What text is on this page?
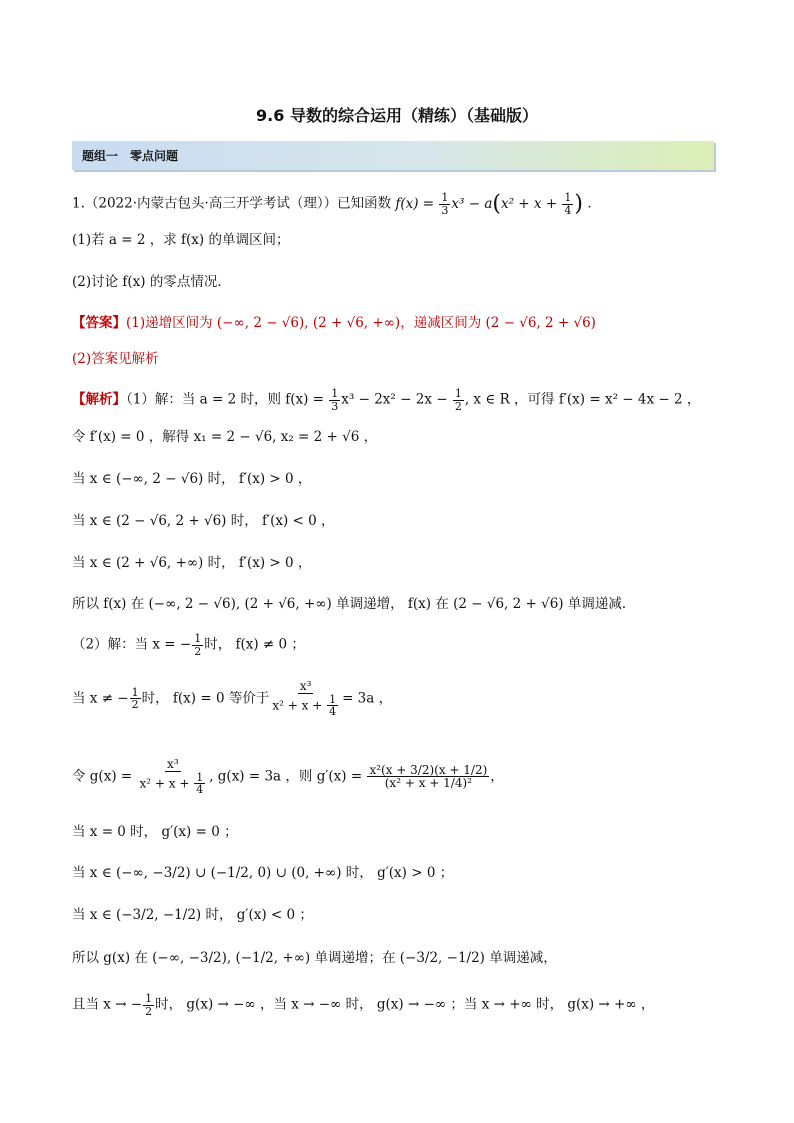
9.6 导数的综合运用（精练）（基础版）
题组一　零点问题
1.（2022·内蒙古包头·高三开学考试（理））已知函数 $f(x) = \frac{1}{3} x^3 - a(x^2 + x + \frac{1}{4}$ ) ．
(1)若 a = 2 ，求 f(x) 的单调区间；
(2)讨论 f(x) 的零点情况．
【答案】(1)递增区间为 (−∞, 2 − √6), (2 + √6, +∞)，递减区间为 (2 − √6, 2 + √6)
(2)答案见解析
【解析】（1）解：当 a = 2 时，则 $f(x) = \frac{1}{3} x^3 - 2x^2 - 2x - \frac{1}{2}$ , x ∈ R ，可得 f′(x) = x² − 4x − 2 ，
令 f′(x) = 0 ，解得 x₁ = 2 − √6, x₂ = 2 + √6 ，
当 x ∈ (−∞, 2 − √6) 时， f′(x) > 0 ，
当 x ∈ (2 − √6, 2 + √6) 时， f′(x) < 0 ，
当 x ∈ (2 + √6, +∞) 时， f′(x) > 0 ，
所以 f(x) 在 (−∞, 2 − √6), (2 + √6, +∞) 单调递增， f(x) 在 (2 − √6, 2 + √6) 单调递减．
（2）解：当 x = − $\frac{1}{2}$ 时， f(x) ≠ 0 ；
当 x ≠ − $\frac{1}{2}$ 时， f(x) = 0 等价于 $\frac{\text{x³}}{x^2 + x + \frac{1}{4}} = 3a$ ，
令 $g(x) = \frac{\text{x³}}{x^2 + x + \frac{1}{4}}$ , g(x) = 3a ，则 $g'(x) = \frac{\text{x²(x + 3/2)(x + 1/2)}}{\text{(x² + x + 1/4)²}}$ ，
当 x = 0 时， g′(x) = 0 ；
当 x ∈ (−∞, −3/2) ∪ (−1/2, 0) ∪ (0, +∞) 时， g′(x) > 0 ；
当 x ∈ (−3/2, −1/2) 时， g′(x) < 0 ；
所以 g(x) 在 (−∞, −3/2), (−1/2, +∞) 单调递增；在 (−3/2, −1/2) 单调递减，
且当 x → − $\frac{1}{2}$ 时， g(x) → −∞ ，当 x → −∞ 时， g(x) → −∞ ；当 x → +∞ 时， g(x) → +∞ ，
